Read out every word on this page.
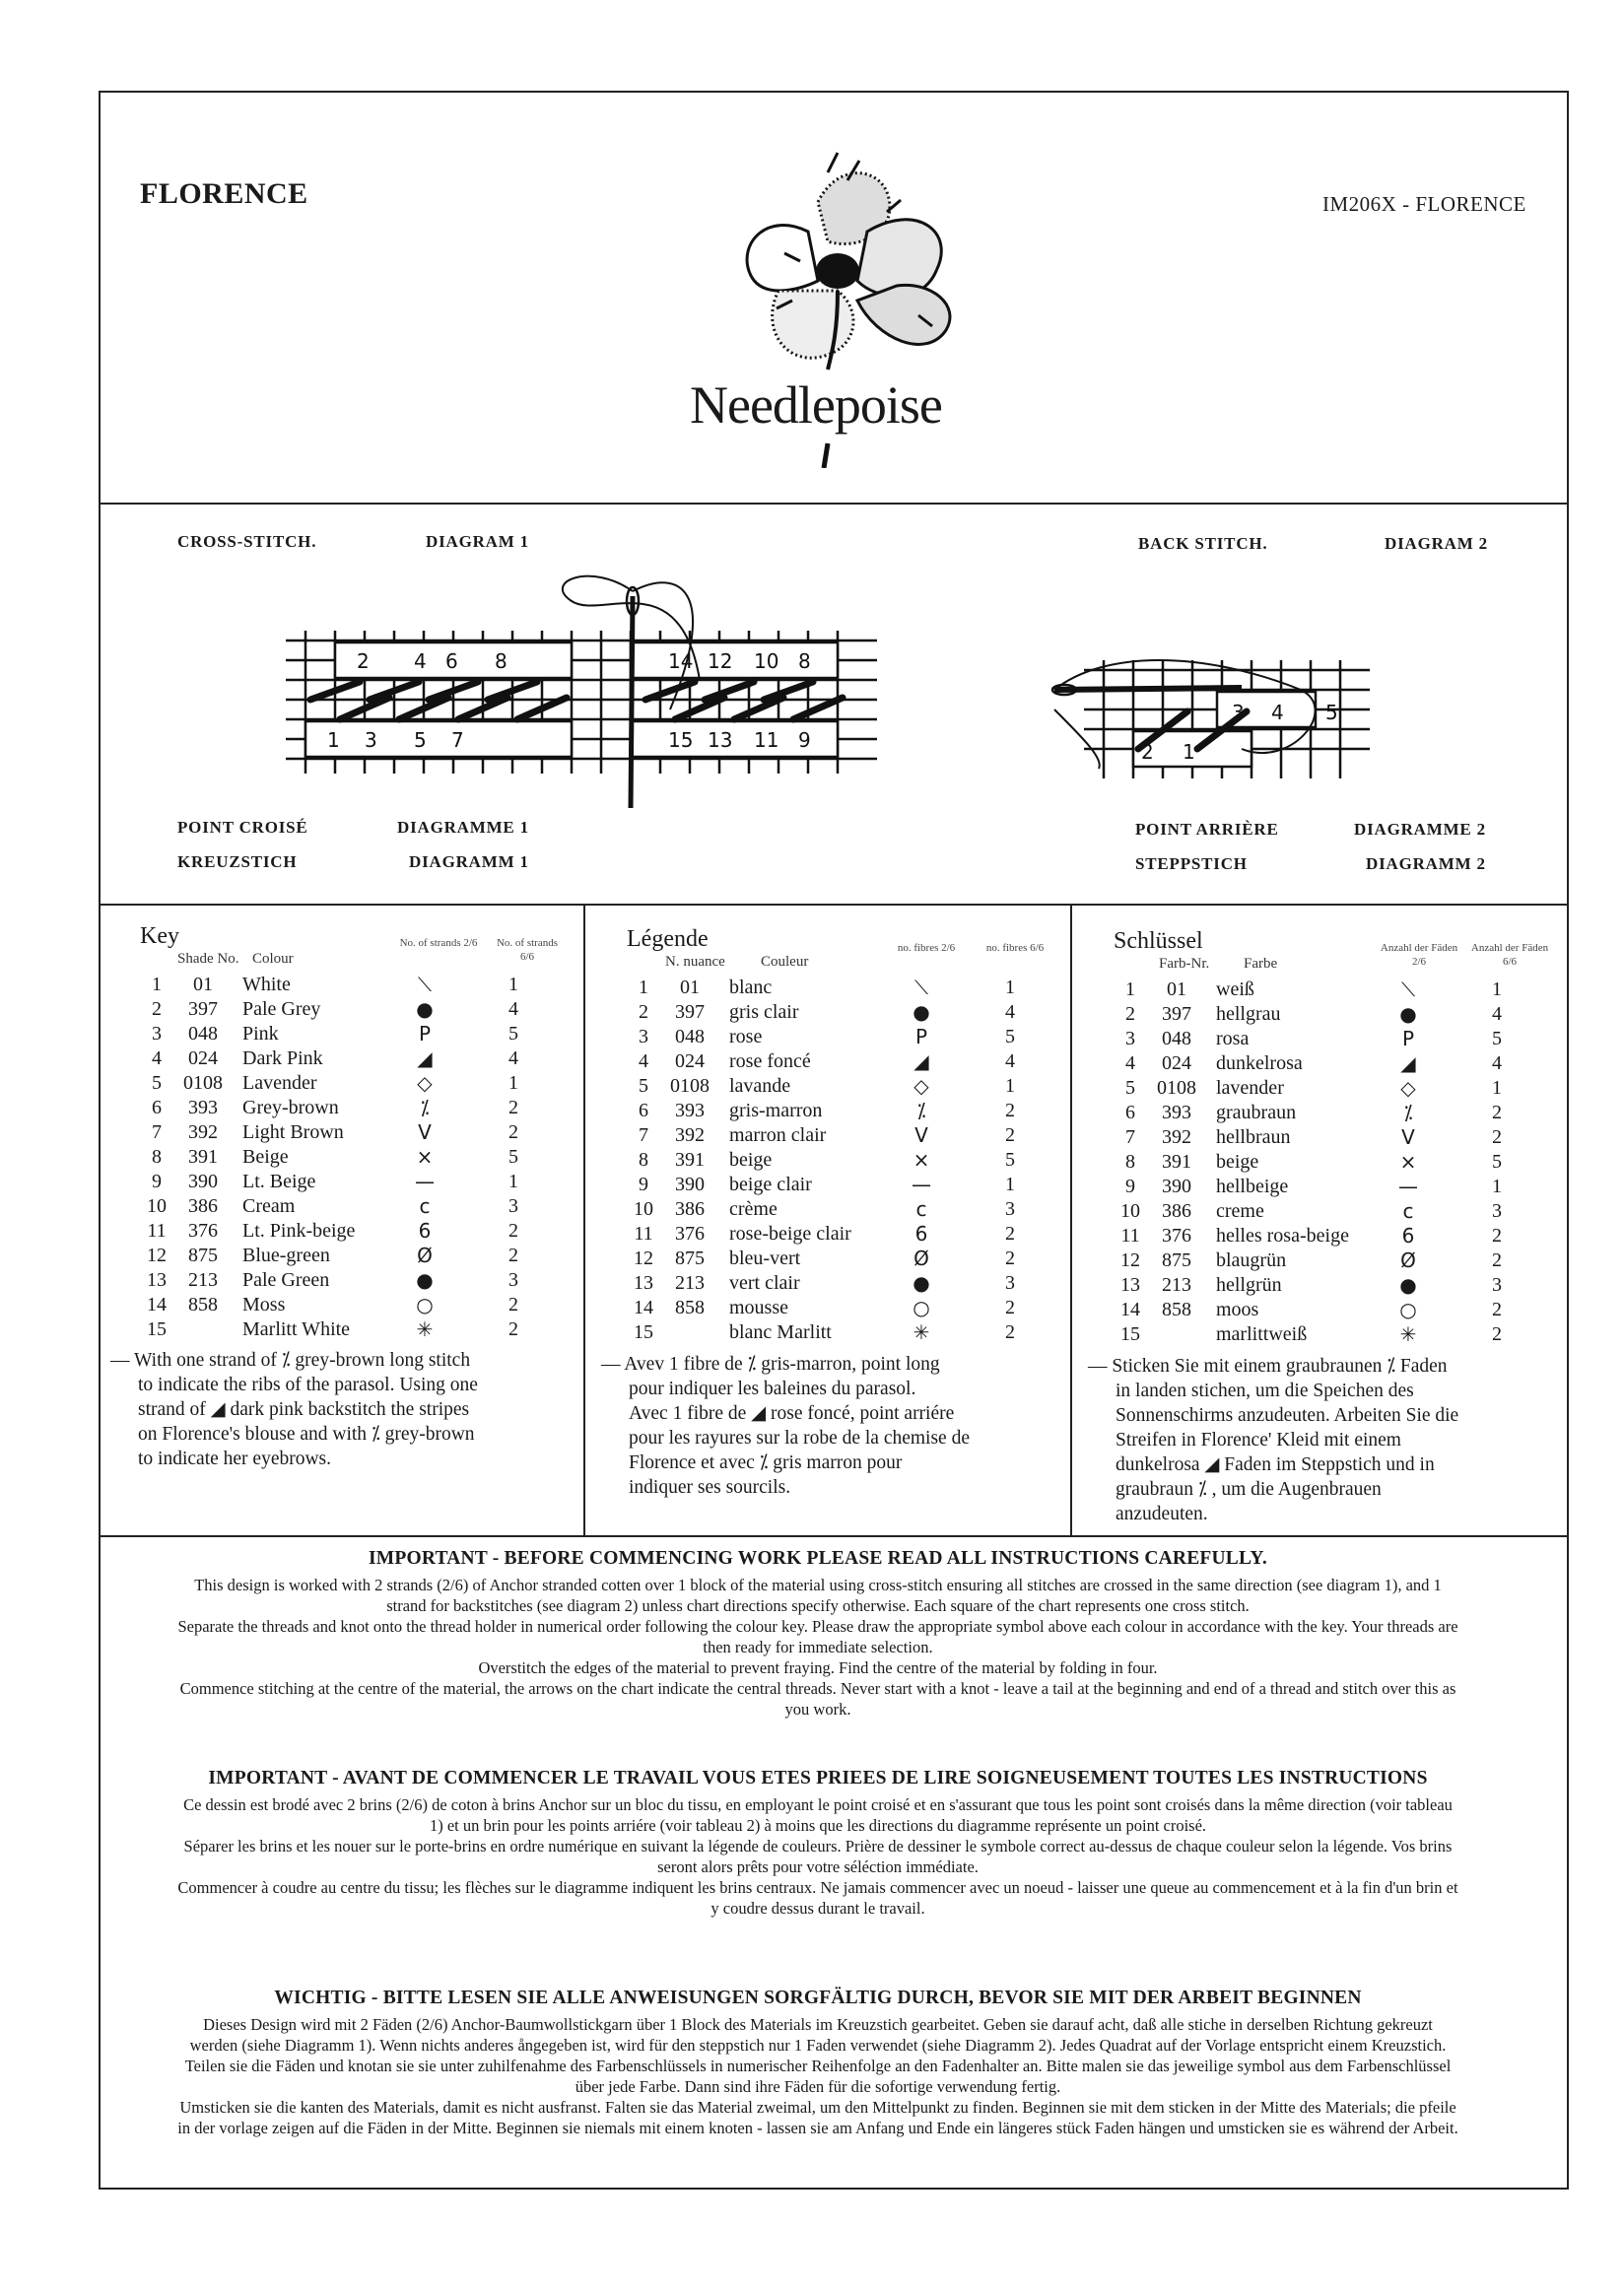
FLORENCE	IM206X - FLORENCE
Needlepoise
CROSS-STITCH.	DIAGRAM 1	BACK STITCH.	DIAGRAM 2
POINT CROISÉ	DIAGRAMME 1
KREUZSTICH	DIAGRAMM 1
POINT ARRIÈRE	DIAGRAMME 2
STEPPSTICH	DIAGRAMM 2
2 4 6 8	14 12 10 8
1 3 5 7	15 13 11 9	2 1
3 4 5
Key
Shade No. Colour
No. of strands 2/6	No. of strands 6/6
1	01	White	⟍	1
2	397	Pale Grey	●	4
3	048	Pink	P	5
4	024	Dark Pink	◢	4
5	0108	Lavender	◇	1
6	393	Grey-brown	⁒	2
7	392	Light Brown	V	2
8	391	Beige	×	5
9	390	Lt. Beige	—	1
10	386	Cream	c	3
11	376	Lt. Pink-beige	6	2
12	875	Blue-green	Ø	2
13	213	Pale Green	●	3
14	858	Moss	○	2
15		Marlitt White	✳	2
— With one strand of ⁒ grey-brown long stitch
to indicate the ribs of the parasol. Using one
strand of ◢ dark pink backstitch the stripes
on Florence's blouse and with ⁒ grey-brown
to indicate her eyebrows.
Légende
N. nuance Couleur
no. fibres 2/6	no. fibres 6/6
1	01	blanc	⟍	1
2	397	gris clair	●	4
3	048	rose	P	5
4	024	rose foncé	◢	4
5	0108	lavande	◇	1
6	393	gris-marron	⁒	2
7	392	marron clair	V	2
8	391	beige	×	5
9	390	beige clair	—	1
10	386	crème	c	3
11	376	rose-beige clair	6	2
12	875	bleu-vert	Ø	2
13	213	vert clair	●	3
14	858	mousse	○	2
15		blanc Marlitt	✳	2
— Avev 1 fibre de ⁒ gris-marron, point long
pour indiquer les baleines du parasol.
Avec 1 fibre de ◢ rose foncé, point arriére
pour les rayures sur la robe de la chemise de
Florence et avec ⁒ gris marron pour
indiquer ses sourcils.
Schlüssel
Farb-Nr. Farbe
Anzahl der Fäden 2/6
Anzahl der Fäden 6/6
1	01	weiß	⟍	1
2	397	hellgrau	●	4
3	048	rosa	P	5
4	024	dunkelrosa	◢	4
5	0108	lavender	◇	1
6	393	graubraun	⁒	2
7	392	hellbraun	V	2
8	391	beige	×	5
9	390	hellbeige	—	1
10	386	creme	c	3
11	376	helles rosa-beige	6	2
12	875	blaugrün	Ø	2
13	213	hellgrün	●	3
14	858	moos	○	2
15		marlittweiß	✳	2
— Sticken Sie mit einem graubraunen ⁒ Faden
in landen stichen, um die Speichen des
Sonnenschirms anzudeuten. Arbeiten Sie die
Streifen in Florence' Kleid mit einem
dunkelrosa ◢ Faden im Steppstich und in
graubraun ⁒ , um die Augenbrauen
anzudeuten.
IMPORTANT - BEFORE COMMENCING WORK PLEASE READ ALL INSTRUCTIONS CAREFULLY.

This design is worked with 2 strands (2/6) of Anchor stranded cotten over 1 block of the material using cross-stitch ensuring all stitches are crossed in the same direction (see diagram 1), and 1 strand for backstitches (see diagram 2) unless chart directions specify otherwise. Each square of the chart represents one cross stitch.

Separate the threads and knot onto the thread holder in numerical order following the colour key. Please draw the appropriate symbol above each colour in accordance with the key. Your threads are then ready for immediate selection.

Overstitch the edges of the material to prevent fraying. Find the centre of the material by folding in four.

Commence stitching at the centre of the material, the arrows on the chart indicate the central threads. Never start with a knot - leave a tail at the beginning and end of a thread and stitch over this as you work.

IMPORTANT - AVANT DE COMMENCER LE TRAVAIL VOUS ETES PRIEES DE LIRE SOIGNEUSEMENT TOUTES LES INSTRUCTIONS

Ce dessin est brodé avec 2 brins (2/6) de coton à brins Anchor sur un bloc du tissu, en employant le point croisé et en s'assurant que tous les point sont croisés dans la même direction (voir tableau 1) et un brin pour les points arriére (voir tableau 2) à moins que les directions du diagramme représente un point croisé.

Séparer les brins et les nouer sur le porte-brins en ordre numérique en suivant la légende de couleurs. Prière de dessiner le symbole correct au-dessus de chaque couleur selon la légende. Vos brins seront alors prêts pour votre séléction immédiate.

Commencer à coudre au centre du tissu; les flèches sur le diagramme indiquent les brins centraux. Ne jamais commencer avec un noeud - laisser une queue au commencement et à la fin d'un brin et y coudre dessus durant le travail.

WICHTIG - BITTE LESEN SIE ALLE ANWEISUNGEN SORGFÄLTIG DURCH, BEVOR SIE MIT DER ARBEIT BEGINNEN

Dieses Design wird mit 2 Fäden (2/6) Anchor-Baumwollstickgarn über 1 Block des Materials im Kreuzstich gearbeitet. Geben sie darauf acht, daß alle stiche in derselben Richtung gekreuzt werden (siehe Diagramm 1). Wenn nichts anderes ångegeben ist, wird für den steppstich nur 1 Faden verwendet (siehe Diagramm 2). Jedes Quadrat auf der Vorlage entspricht einem Kreuzstich. Teilen sie die Fäden und knotan sie sie unter zuhilfenahme des Farbenschlüssels in numerischer Reihenfolge an den Fadenhalter an. Bitte malen sie das jeweilige symbol aus dem Farbenschlüssel über jede Farbe. Dann sind ihre Fäden für die sofortige verwendung fertig.

Umsticken sie die kanten des Materials, damit es nicht ausfranst. Falten sie das Material zweimal, um den Mittelpunkt zu finden. Beginnen sie mit dem sticken in der Mitte des Materials; die pfeile in der vorlage zeigen auf die Fäden in der Mitte. Beginnen sie niemals mit einem knoten - lassen sie am Anfang und Ende ein längeres stück Faden hängen und umsticken sie es während der Arbeit.
